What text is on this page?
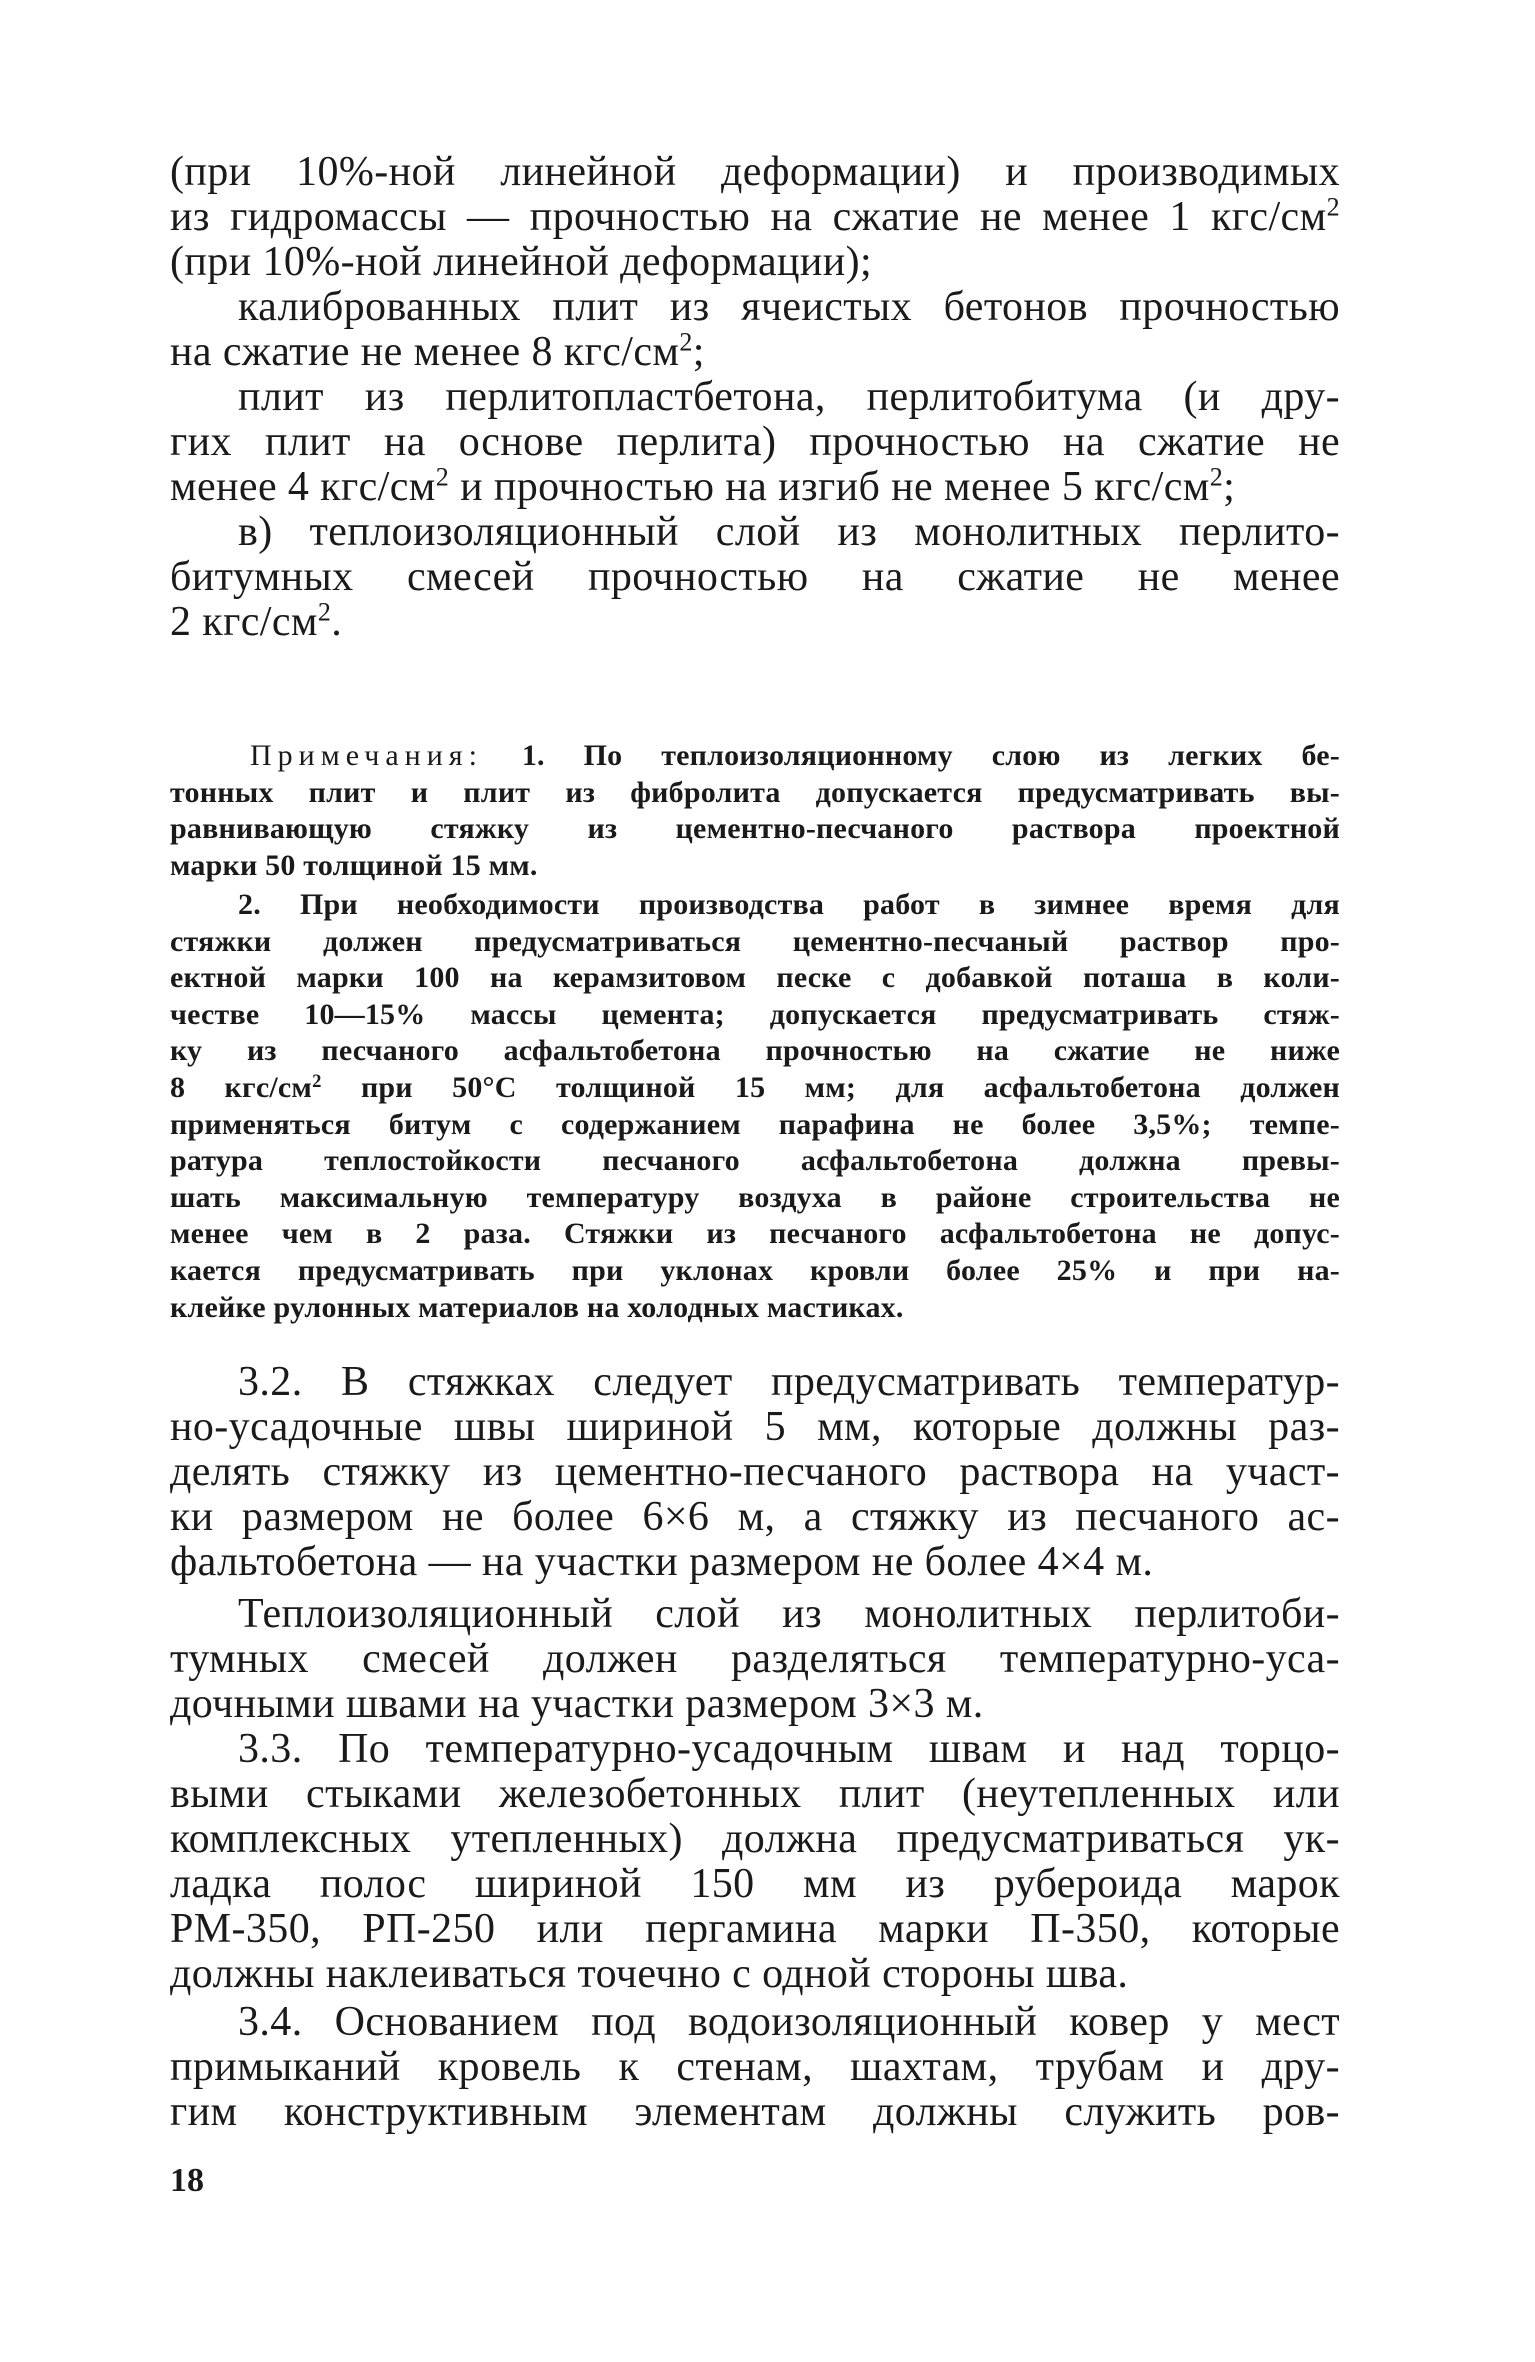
(при 10%-ной линейной деформации) и производимых

из гидромассы — прочностью на сжатие не менее 1 кгс/$см^2$

(при 10%-ной линейной деформации);

калиброванных плит из ячеистых бетонов прочностью

на сжатие не менее 8 кгс/$см^2$;

плит из перлитопластбетона, перлитобитума (и дру-

гих плит на основе перлита) прочностью на сжатие не

менее 4 кгс/$см^2$ и прочностью на изгиб не менее 5 кгс/$см^2$;

в) теплоизоляционный слой из монолитных перлито-

битумных смесей прочностью на сжатие не менее

2 кгс/$см^2$.

Примечания: 1. По теплоизоляционному слою из легких бе-

тонных плит и плит из фибролита допускается предусматривать вы-

равнивающую стяжку из цементно-песчаного раствора проектной

марки 50 толщиной 15 мм.

2. При необходимости производства работ в зимнее время для

стяжки должен предусматриваться цементно-песчаный раствор про-

ектной марки 100 на керамзитовом песке с добавкой поташа в коли-

честве 10—15% массы цемента; допускается предусматривать стяж-

ку из песчаного асфальтобетона прочностью на сжатие не ниже

8 кгс/$см^2$ при 50°С толщиной 15 мм; для асфальтобетона должен

применяться битум с содержанием парафина не более 3,5%; темпе-

ратура теплостойкости песчаного асфальтобетона должна превы-

шать максимальную температуру воздуха в районе строительства не

менее чем в 2 раза. Стяжки из песчаного асфальтобетона не допус-

кается предусматривать при уклонах кровли более 25% и при на-

клейке рулонных материалов на холодных мастиках.

3.2. В стяжках следует предусматривать температур-

но-усадочные швы шириной 5 мм, которые должны раз-

делять стяжку из цементно-песчаного раствора на участ-

ки размером не более 6×6 м, а стяжку из песчаного ас-

фальтобетона — на участки размером не более 4×4 м.

Теплоизоляционный слой из монолитных перлитоби-

тумных смесей должен разделяться температурно-уса-

дочными швами на участки размером 3×3 м.

3.3. По температурно-усадочным швам и над торцо-

выми стыками железобетонных плит (неутепленных или

комплексных утепленных) должна предусматриваться ук-

ладка полос шириной 150 мм из рубероида марок

РМ-350, РП-250 или пергамина марки П-350, которые

должны наклеиваться точечно с одной стороны шва.

3.4. Основанием под водоизоляционный ковер у мест

примыканий кровель к стенам, шахтам, трубам и дру-

гим конструктивным элементам должны служить ров-

18
